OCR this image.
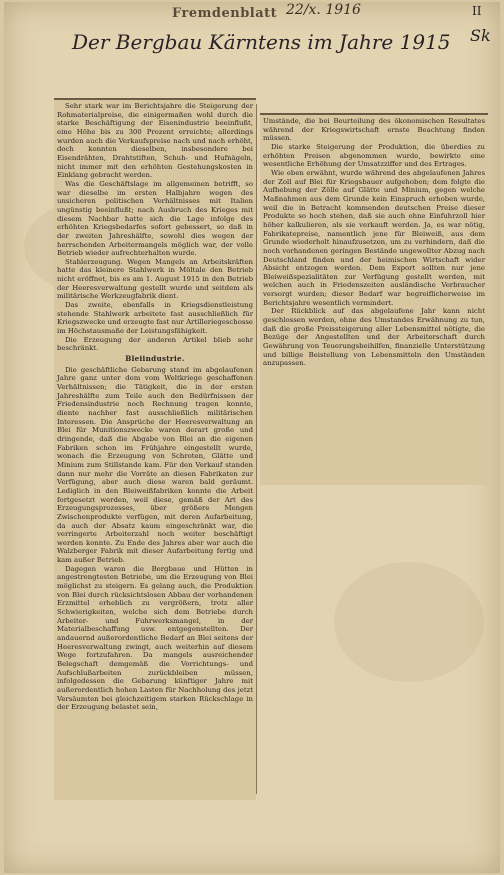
Fremdenblatt 22/x. 1916	II
Sk
Der Bergbau Kärntens im Jahre 1915

Sehr stark war im Berichtsjahre die Steigerung der Rohmaterialpreise, die einigermaßen wohl durch die starke Beschäftigung der Eisenindustrie beeinflußt, eine Höhe bis zu 300 Prozent erreichte; allerdings wurden auch die Verkaufspreise nach und nach erhöht, doch konnten dieselben, insbesondere bei Eisendrähten, Drahtstiften, Schuh- und Hufnägeln, nicht immer mit den erhöhten Gestehungskosten in Einklang gebracht werden.

Was die Geschäftslage im allgemeinen betrifft, so war dieselbe im ersten Halbjahre wegen des unsicheren politischen Verhältnisses mit Italien ungünstig beeinflußt; nach Ausbruch des Krieges mit diesem Nachbar hatte sich die Lage infolge des erhöhten Kriegsbedarfes sofort gebessert, so daß in der zweiten Jahreshälfte, sowohl dies wegen der herrschenden Arbeitermangels möglich war, der volle Betrieb wieder aufrechterhalten wurde.

Stahlerzeugung. Wegen Mangels an Arbeitskräften hatte das kleinere Stahlwerk in Möltale den Betrieb nicht eröffnet, bis es am 1. August 1915 in den Betrieb der Heeresverwaltung gestellt wurde und seitdem als militärische Werkzeugfabrik dient.

Das zweite, ebenfalls in Kriegsdienstleistung stehende Stahlwerk arbeitete fast ausschließlich für Kriegszwecke und erzeugte fast nur Artilleriegeschosse im Höchstausmaße der Leistungsfähigkeit.

Die Erzeugung der anderen Artikel blieb sehr beschränkt.

Bleiindustrie.

Die geschäftliche Gebarung stand im abgelaufenen Jahre ganz unter dem vom Weltkriege geschaffenen Verhältnissen; die Tätigkeit, die in der ersten Jahreshälfte zum Teile auch den Bedürfnissen der Friedensindustrie noch Rechnung tragen konnte, diente nachher fast ausschließlich militärischen Interessen. Die Ansprüche der Heeresverwaltung an Blei für Munitionszwecke waren derart große und dringende, daß die Abgabe von Blei an die eigenen Fabriken schon im Frühjahre eingestellt wurde, wonach die Erzeugung von Schroten, Glätte und Minium zum Stillstande kam. Für den Verkauf standen dann nur mehr die Vorräte an diesen Fabrikaten zur Verfügung, aber auch diese waren bald geräumt. Lediglich in den Bleiweißfabriken konnte die Arbeit fortgesetzt werden, weil diese, gemäß der Art des Erzeugungsprozesses, über größere Mengen Zwischenprodukte verfügen, mit deren Aufarbeitung, da auch der Absatz kaum eingeschränkt war, die verringerte Arbeiterzahl noch weiter beschäftigt werden konnte. Zu Ende des Jahres aber war auch die Walzberger Fabrik mit dieser Aufarbeitung fertig und kam außer Betrieb.

Dagegen waren die Bergbaue und Hütten in angestrengtesten Betriebe, um die Erzeugung von Blei möglichst zu steigern. Es gelang auch, die Produktion von Blei durch rücksichtslosen Abbau der vorhandenen Erzmittel erheblich zu vergrößern, trotz aller Schwierigkeiten, welche sich dem Betriebe durch Arbeiter- und Fuhrwerksmangel, in der Materialbeschaffung usw. entgegenstellten. Der andauernd außerordentliche Bedarf an Blei seitens der Heeresverwaltung zwingt, auch weiterhin auf diesem Wege fortzufahren. Da mangels ausreichender Belegschaft demgemäß die Vorrichtungs- und Aufschlußarbeiten zurückbleiben müssen, infolgedessen die Gebarung künftiger Jahre mit außerordentlich hohen Lasten für Nachholung des jetzt Versäumten bei gleichzeitigem starken Rückschlage in der Erzeugung belastet sein,

Umstände, die bei Beurteilung des ökonomischen Resultates während der Kriegswirtschaft ernste Beachtung finden müssen.

Die starke Steigerung der Produktion, die überdies zu erhöhten Preisen abgenommen wurde, bewirkte eine wesentliche Erhöhung der Umsatzziffer und des Ertrages.

Wie eben erwähnt, wurde während des abgelaufenen Jahres der Zoll auf Blei für Kriegsbauer aufgehoben; dem folgte die Aufhebung der Zölle auf Glätte und Minium, gegen welche Maßnahmen aus dem Grunde kein Einspruch erhoben wurde, weil die in Betracht kommenden deutschen Preise dieser Produkte so hoch stehen, daß sie auch ohne Einfuhrzoll hier höher kalkulieren, als sie verkauft werden. Ja, es war nötig, Fabrikatepreise, namentlich jene für Bleiweiß, aus dem Grunde wiederholt hinaufzusetzen, um zu verhindern, daß die noch vorhandenen geringen Bestände ungewollter Abzug nach Deutschland finden und der heimischen Wirtschaft wider Absicht entzogen werden. Dem Export sollten nur jene Bleiweißspezialitäten zur Verfügung gestellt werden, mit welchen auch in Friedenszeiten ausländische Verbraucher versorgt wurden; dieser Bedarf war begreiflicherweise im Berichtsjahre wesentlich vermindert.

Der Rückblick auf das abgelaufene Jahr kann nicht geschlossen werden, ohne des Umstandes Erwähnung zu tun, daß die große Preissteigerung aller Lebensmittel nötigte, die Bezüge der Angestellten und der Arbeiterschaft durch Gewährung von Teuerungsbeihilfen, finanzielle Unterstützung und billige Beistellung von Lebensmitteln den Umständen anzupassen.
